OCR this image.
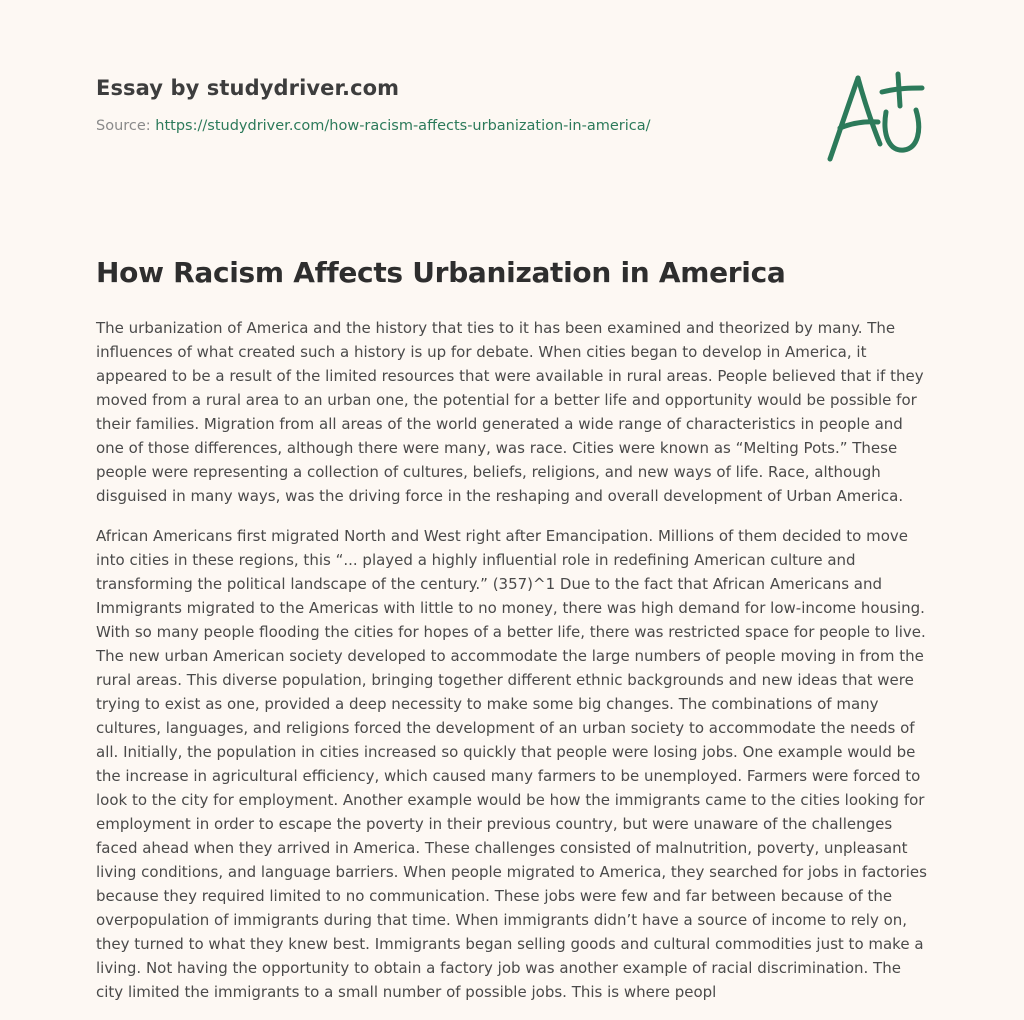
Essay by studydriver.com
Source: https://studydriver.com/how-racism-affects-urbanization-in-america/
How Racism Affects Urbanization in America

The urbanization of America and the history that ties to it has been examined and theorized by many. The influences of what created such a history is up for debate. When cities began to develop in America, it appeared to be a result of the limited resources that were available in rural areas. People believed that if they moved from a rural area to an urban one, the potential for a better life and opportunity would be possible for their families. Migration from all areas of the world generated a wide range of characteristics in people and one of those differences, although there were many, was race. Cities were known as “Melting Pots.” These people were representing a collection of cultures, beliefs, religions, and new ways of life. Race, although disguised in many ways, was the driving force in the reshaping and overall development of Urban America.

African Americans first migrated North and West right after Emancipation. Millions of them decided to move into cities in these regions, this “... played a highly influential role in redefining American culture and transforming the political landscape of the century.” (357)^1 Due to the fact that African Americans and Immigrants migrated to the Americas with little to no money, there was high demand for low-income housing. With so many people flooding the cities for hopes of a better life, there was restricted space for people to live. The new urban American society developed to accommodate the large numbers of people moving in from the rural areas. This diverse population, bringing together different ethnic backgrounds and new ideas that were trying to exist as one, provided a deep necessity to make some big changes. The combinations of many cultures, languages, and religions forced the development of an urban society to accommodate the needs of all. Initially, the population in cities increased so quickly that people were losing jobs. One example would be the increase in agricultural efficiency, which caused many farmers to be unemployed. Farmers were forced to look to the city for employment. Another example would be how the immigrants came to the cities looking for employment in order to escape the poverty in their previous country, but were unaware of the challenges faced ahead when they arrived in America. These challenges consisted of malnutrition, poverty, unpleasant living conditions, and language barriers. When people migrated to America, they searched for jobs in factories because they required limited to no communication. These jobs were few and far between because of the overpopulation of immigrants during that time. When immigrants didn’t have a source of income to rely on, they turned to what they knew best. Immigrants began selling goods and cultural commodities just to make a living. Not having the opportunity to obtain a factory job was another example of racial discrimination. The city limited the immigrants to a small number of possible jobs. This is where peopl
